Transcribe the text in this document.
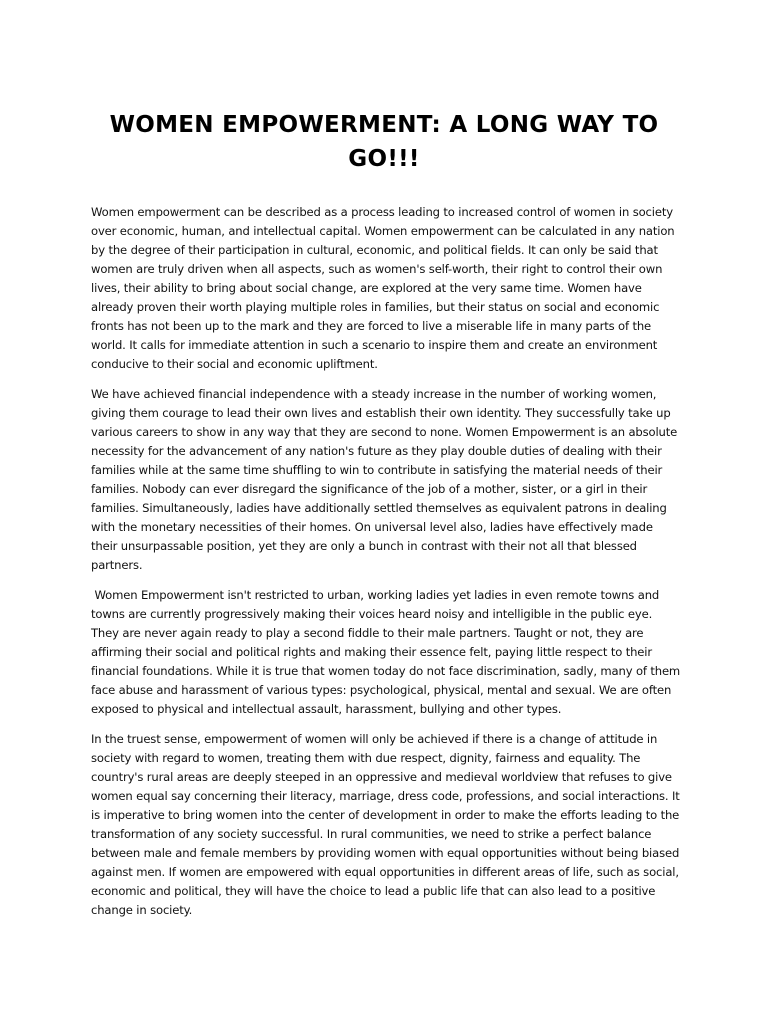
WOMEN EMPOWERMENT: A LONG WAY TO GO!!!

Women empowerment can be described as a process leading to increased control of women in society over economic, human, and intellectual capital. Women empowerment can be calculated in any nation by the degree of their participation in cultural, economic, and political fields. It can only be said that women are truly driven when all aspects, such as women's self-worth, their right to control their own lives, their ability to bring about social change, are explored at the very same time. Women have already proven their worth playing multiple roles in families, but their status on social and economic fronts has not been up to the mark and they are forced to live a miserable life in many parts of the world. It calls for immediate attention in such a scenario to inspire them and create an environment conducive to their social and economic upliftment.

We have achieved financial independence with a steady increase in the number of working women, giving them courage to lead their own lives and establish their own identity. They successfully take up various careers to show in any way that they are second to none. Women Empowerment is an absolute necessity for the advancement of any nation's future as they play double duties of dealing with their families while at the same time shuffling to win to contribute in satisfying the material needs of their families. Nobody can ever disregard the significance of the job of a mother, sister, or a girl in their families. Simultaneously, ladies have additionally settled themselves as equivalent patrons in dealing with the monetary necessities of their homes. On universal level also, ladies have effectively made their unsurpassable position, yet they are only a bunch in contrast with their not all that blessed partners.

Women Empowerment isn't restricted to urban, working ladies yet ladies in even remote towns and towns are currently progressively making their voices heard noisy and intelligible in the public eye. They are never again ready to play a second fiddle to their male partners. Taught or not, they are affirming their social and political rights and making their essence felt, paying little respect to their financial foundations. While it is true that women today do not face discrimination, sadly, many of them face abuse and harassment of various types: psychological, physical, mental and sexual. We are often exposed to physical and intellectual assault, harassment, bullying and other types.

In the truest sense, empowerment of women will only be achieved if there is a change of attitude in society with regard to women, treating them with due respect, dignity, fairness and equality. The country's rural areas are deeply steeped in an oppressive and medieval worldview that refuses to give women equal say concerning their literacy, marriage, dress code, professions, and social interactions. It is imperative to bring women into the center of development in order to make the efforts leading to the transformation of any society successful. In rural communities, we need to strike a perfect balance between male and female members by providing women with equal opportunities without being biased against men. If women are empowered with equal opportunities in different areas of life, such as social, economic and political, they will have the choice to lead a public life that can also lead to a positive change in society.
